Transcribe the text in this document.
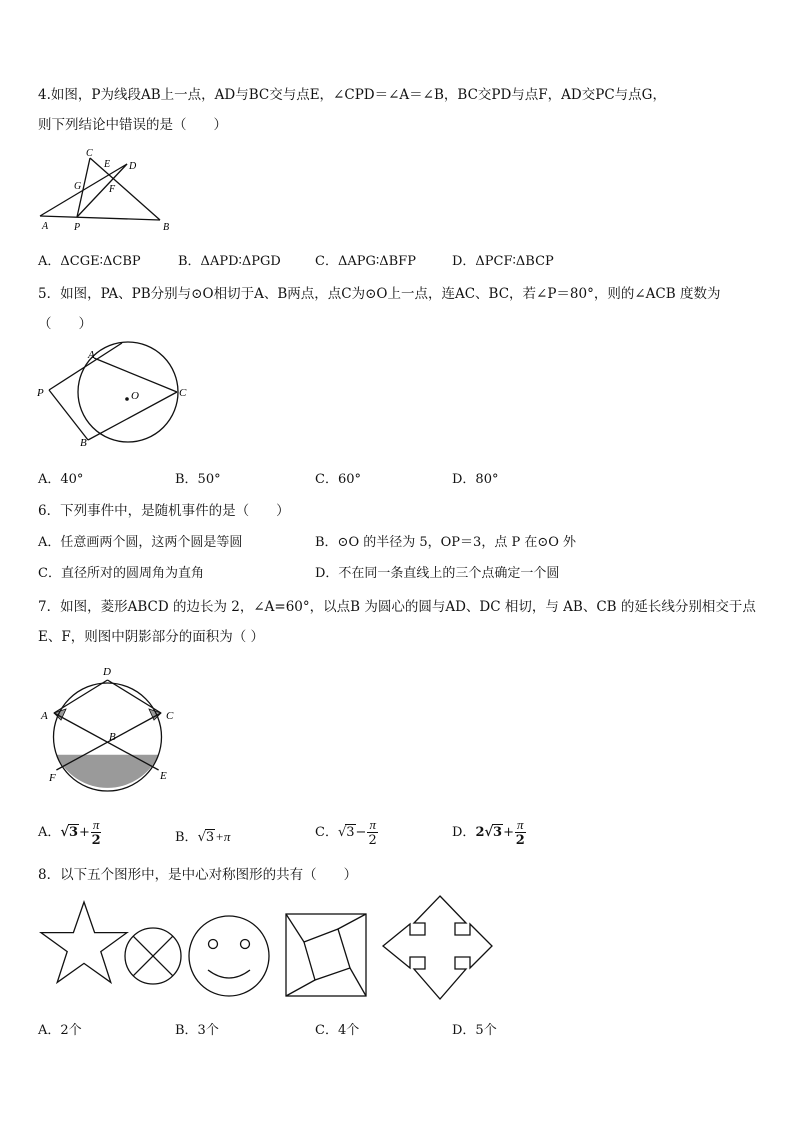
4.如图，P为线段AB上一点，AD与BC交与点E，∠CPD＝∠A＝∠B，BC交PD与点F，AD交PC与点G，
则下列结论中错误的是（　　）
C
E D
G	F
A	P	B
A．ΔCGE∶ΔCBP	B．ΔAPD∶ΔPGD	C．ΔAPG∶ΔBFP	D．ΔPCF∶ΔBCP
5．如图，PA、PB分别与⊙O相切于A、B两点，点C为⊙O上一点，连AC、BC，若∠P＝80°，则的∠ACB 度数为
（　　）
A
P	O	C
B
A．40°	B．50°	C．60°	D．80°
6．下列事件中，是随机事件的是（　　）
A．任意画两个圆，这两个圆是等圆	B．⊙O 的半径为 5，OP＝3，点 P 在⊙O 外
C．直径所对的圆周角为直角	D．不在同一条直线上的三个点确定一个圆
7．如图，菱形ABCD 的边长为 2，∠A=60°，以点B 为圆心的圆与AD、DC 相切，与 AB、CB 的延长线分别相交于点
E、F，则图中阴影部分的面积为（ ）
D
A	C
B
F	E
A．$√3+ \frac{\pi}{2}$	B．√3+π	C．$√3- \frac{\pi}{2}$	D．$2√3+ \frac{\pi}{2}$
8．以下五个图形中，是中心对称图形的共有（　　）
A．2个	B．3个	C．4个	D．5个
